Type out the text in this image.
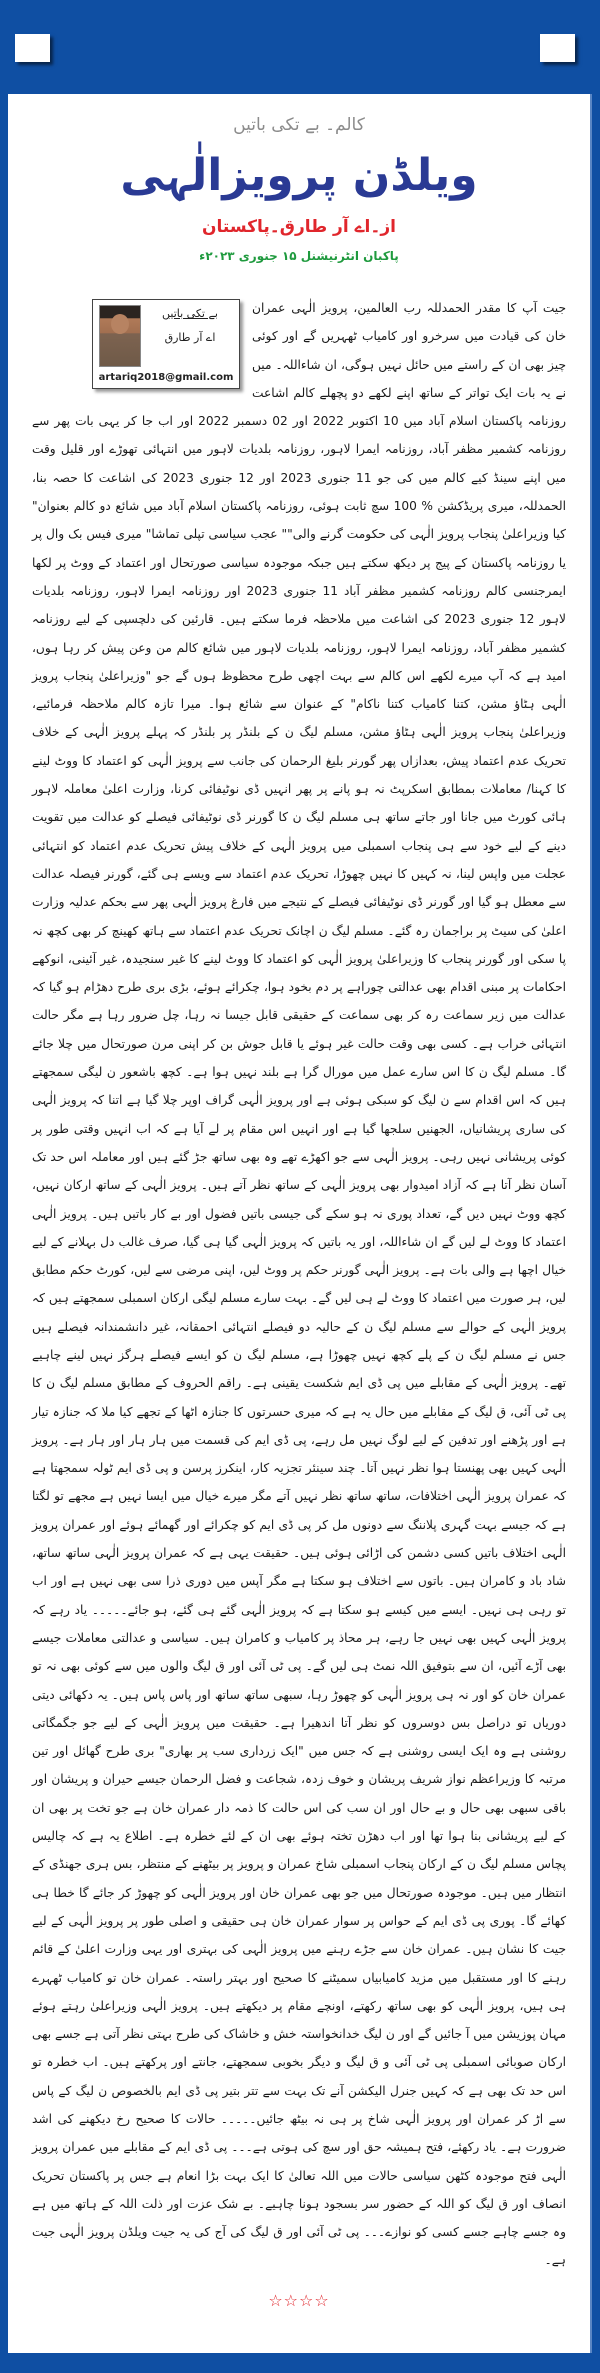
کالم۔ بے تکی باتیں
ویلڈن پرویزالٰہی
از۔اے آر طارق۔پاکستان
پاکبان انٹرنیشنل ۱۵ جنوری ۲۰۲۳ء
بے تکی باتیں
اے آر طارق
artariq2018@gmail.com

جیت آپ کا مقدر الحمدللہ رب العالمین، پرویز الٰہی عمران خان کی قیادت میں سرخرو اور کامیاب ٹھہریں گے اور کوئی چیز بھی ان کے راستے میں حائل نہیں ہوگی، ان شاءاللہ۔ میں نے یہ بات ایک تواتر کے ساتھ اپنے لکھے دو پچھلے کالم اشاعت روزنامہ پاکستان اسلام آباد میں 10 اکتوبر 2022 اور 02 دسمبر 2022 اور اب جا کر یہی بات پھر سے روزنامہ کشمیر مظفر آباد، روزنامہ ایمرا لاہور، روزنامہ بلدیات لاہور میں انتہائی تھوڑے اور قلیل وقت میں اپنے سینڈ کیے کالم میں کی جو 11 جنوری 2023 اور 12 جنوری 2023 کی اشاعت کا حصہ بنا، الحمدللہ، میری پریڈکشن % 100 سچ ثابت ہوئی، روزنامہ پاکستان اسلام آباد میں شائع دو کالم بعنوان" کیا وزیراعلیٰ پنجاب پرویز الٰہی کی حکومت گرنے والی"" عجب سیاسی تپلی تماشا" میری فیس بک وال پر یا روزنامہ پاکستان کے پیج پر دیکھ سکتے ہیں جبکہ موجودہ سیاسی صورتحال اور اعتماد کے ووٹ پر لکھا ایمرجنسی کالم روزنامہ کشمیر مظفر آباد 11 جنوری 2023 اور روزنامہ ایمرا لاہور، روزنامہ بلدیات لاہور 12 جنوری 2023 کی اشاعت میں ملاحظہ فرما سکتے ہیں۔ قارئین کی دلچسپی کے لیے روزنامہ کشمیر مظفر آباد، روزنامہ ایمرا لاہور، روزنامہ بلدیات لاہور میں شائع کالم من وعن پیش کر رہا ہوں، امید ہے کہ آپ میرے لکھے اس کالم سے بہت اچھی طرح محظوظ ہوں گے جو "وزیراعلیٰ پنجاب پرویز الٰہی ہٹاؤ مشن، کتنا کامیاب کتنا ناکام" کے عنوان سے شائع ہوا۔ میرا تازہ کالم ملاحظہ فرمائیے، وزیراعلیٰ پنجاب پرویز الٰہی ہٹاؤ مشن، مسلم لیگ ن کے بلنڈر پر بلنڈر کہ پہلے پرویز الٰہی کے خلاف تحریک عدم اعتماد پیش، بعدازاں پھر گورنر بلیغ الرحمان کی جانب سے پرویز الٰہی کو اعتماد کا ووٹ لینے کا کہنا/ معاملات بمطابق اسکرپٹ نہ ہو پانے پر پھر انہیں ڈی نوٹیفائی کرنا، وزارت اعلیٰ معاملہ لاہور ہائی کورٹ میں جانا اور جاتے ساتھ ہی مسلم لیگ ن کا گورنر ڈی نوٹیفائی فیصلے کو عدالت میں تقویت دینے کے لیے خود سے ہی پنجاب اسمبلی میں پرویز الٰہی کے خلاف پیش تحریک عدم اعتماد کو انتہائی عجلت میں واپس لینا، نہ کہیں کا نہیں چھوڑا، تحریک عدم اعتماد سے ویسے ہی گئے، گورنر فیصلہ عدالت سے معطل ہو گیا اور گورنر ڈی نوٹیفائی فیصلے کے نتیجے میں فارغ پرویز الٰہی پھر سے بحکم عدلیہ وزارت اعلیٰ کی سیٹ پر براجمان رہ گئے۔ مسلم لیگ ن اچانک تحریک عدم اعتماد سے ہاتھ کھینچ کر بھی کچھ نہ پا سکی اور گورنر پنجاب کا وزیراعلیٰ پرویز الٰہی کو اعتماد کا ووٹ لینے کا غیر سنجیدہ، غیر آئینی، انوکھے احکامات پر مبنی اقدام بھی عدالتی چوراہے پر دم بخود ہوا، چکرائے ہوئے، بڑی بری طرح دھڑام ہو گیا کہ عدالت میں زیر سماعت رہ کر بھی سماعت کے حقیقی قابل جیسا نہ رہا، چل ضرور رہا ہے مگر حالت انتہائی خراب ہے۔ کسی بھی وقت حالت غیر ہوئے یا قابل جوش بن کر اپنی مرن صورتحال میں چلا جائے گا۔ مسلم لیگ ن کا اس سارے عمل میں مورال گرا ہے بلند نہیں ہوا ہے۔ کچھ باشعور ن لیگی سمجھتے ہیں کہ اس اقدام سے ن لیگ کو سبکی ہوئی ہے اور پرویز الٰہی گراف اوپر چلا گیا ہے اتنا کہ پرویز الٰہی کی ساری پریشانیاں، الجھنیں سلجھا گیا ہے اور انہیں اس مقام پر لے آیا ہے کہ اب انہیں وقتی طور پر کوئی پریشانی نہیں رہی۔ پرویز الٰہی سے جو اکھڑے تھے وہ بھی ساتھ جڑ گئے ہیں اور معاملہ اس حد تک آسان نظر آتا ہے کہ آزاد امیدوار بھی پرویز الٰہی کے ساتھ نظر آتے ہیں۔ پرویز الٰہی کے ساتھ ارکان نہیں، کچھ ووٹ نہیں دیں گے، تعداد پوری نہ ہو سکے گی جیسی باتیں فضول اور بے کار باتیں ہیں۔ پرویز الٰہی اعتماد کا ووٹ لے لیں گے ان شاءاللہ، اور یہ باتیں کہ پرویز الٰہی گیا ہی گیا، صرف غالب دل بہلانے کے لیے خیال اچھا ہے والی بات ہے۔ پرویز الٰہی گورنر حکم پر ووٹ لیں، اپنی مرضی سے لیں، کورٹ حکم مطابق لیں، ہر صورت میں اعتماد کا ووٹ لے ہی لیں گے۔ بہت سارے مسلم لیگی ارکان اسمبلی سمجھتے ہیں کہ پرویز الٰہی کے حوالے سے مسلم لیگ ن کے حالیہ دو فیصلے انتہائی احمقانہ، غیر دانشمندانہ فیصلے ہیں جس نے مسلم لیگ ن کے پلے کچھ نہیں چھوڑا ہے، مسلم لیگ ن کو ایسے فیصلے ہرگز نہیں لینے چاہیے تھے۔ پرویز الٰہی کے مقابلے میں پی ڈی ایم شکست یقینی ہے۔ راقم الحروف کے مطابق مسلم لیگ ن کا پی ٹی آئی، ق لیگ کے مقابلے میں حال یہ ہے کہ میری حسرتوں کا جنازہ اٹھا کے تجھے کیا ملا کہ جنازہ تیار ہے اور پڑھنے اور تدفین کے لیے لوگ نہیں مل رہے، پی ڈی ایم کی قسمت میں ہار ہار اور ہار ہے۔ پرویز الٰہی کہیں بھی پھنستا ہوا نظر نہیں آتا۔ چند سینئر تجزیہ کار، اینکرز پرسن و پی ڈی ایم ٹولہ سمجھتا ہے کہ عمران پرویز الٰہی اختلافات، ساتھ ساتھ نظر نہیں آتے مگر میرے خیال میں ایسا نہیں ہے مجھے تو لگتا ہے کہ جیسے بہت گہری پلاننگ سے دونوں مل کر پی ڈی ایم کو چکرائے اور گھمائے ہوئے اور عمران پرویز الٰہی اختلاف باتیں کسی دشمن کی اڑائی ہوئی ہیں۔ حقیقت یہی ہے کہ عمران پرویز الٰہی ساتھ ساتھ، شاد باد و کامران ہیں۔ باتوں سے اختلاف ہو سکتا ہے مگر آپس میں دوری ذرا سی بھی نہیں ہے اور اب تو رہی ہی نہیں۔ ایسے میں کیسے ہو سکتا ہے کہ پرویز الٰہی گئے ہی گئے، ہو جائے۔۔۔۔۔ یاد رہے کہ پرویز الٰہی کہیں بھی نہیں جا رہے، ہر محاذ پر کامیاب و کامران ہیں۔ سیاسی و عدالتی معاملات جیسے بھی آڑے آئیں، ان سے بتوفیق اللہ نمٹ ہی لیں گے۔ پی ٹی آئی اور ق لیگ والوں میں سے کوئی بھی نہ تو عمران خان کو اور نہ ہی پرویز الٰہی کو چھوڑ رہا، سبھی ساتھ ساتھ اور پاس پاس ہیں۔ یہ دکھائی دیتی دوریاں تو دراصل بس دوسروں کو نظر آتا اندھیرا ہے۔ حقیقت میں پرویز الٰہی کے لیے جو جگمگاتی روشنی ہے وہ ایک ایسی روشنی ہے کہ جس میں "ایک زرداری سب پر بھاری" بری طرح گھائل اور تین مرتبہ کا وزیراعظم نواز شریف پریشان و خوف زدہ، شجاعت و فضل الرحمان جیسے حیران و پریشان اور باقی سبھی بھی حال و بے حال اور ان سب کی اس حالت کا ذمہ دار عمران خان ہے جو تخت پر بھی ان کے لیے پریشانی بنا ہوا تھا اور اب دھڑن تختہ ہوئے بھی ان کے لئے خطرہ ہے۔ اطلاع یہ ہے کہ چالیس پچاس مسلم لیگ ن کے ارکان پنجاب اسمبلی شاخ عمران و پرویز پر بیٹھنے کے منتظر، بس ہری جھنڈی کے انتظار میں ہیں۔ موجودہ صورتحال میں جو بھی عمران خان اور پرویز الٰہی کو چھوڑ کر جائے گا خطا ہی کھائے گا۔ پوری پی ڈی ایم کے حواس پر سوار عمران خان ہی حقیقی و اصلی طور پر پرویز الٰہی کے لیے جیت کا نشان ہیں۔ عمران خان سے جڑے رہنے میں پرویز الٰہی کی بہتری اور یہی وزارت اعلیٰ کے قائم رہنے کا اور مستقبل میں مزید کامیابیاں سمیٹنے کا صحیح اور بہتر راستہ۔ عمران خان تو کامیاب ٹھہرے ہی ہیں، پرویز الٰہی کو بھی ساتھ رکھتے، اونچے مقام پر دیکھتے ہیں۔ پرویز الٰہی وزیراعلیٰ رہتے ہوئے مہان پوزیشن میں آ جائیں گے اور ن لیگ خدانخواستہ خش و خاشاک کی طرح بہتی نظر آتی ہے جسے بھی ارکان صوبائی اسمبلی پی ٹی آئی و ق لیگ و دیگر بخوبی سمجھتے، جانتے اور پرکھتے ہیں۔ اب خطرہ تو اس حد تک بھی ہے کہ کہیں جنرل الیکشن آنے تک بہت سے تتر بتیر پی ڈی ایم بالخصوص ن لیگ کے پاس سے اڑ کر عمران اور پرویز الٰہی شاخ پر ہی نہ بیٹھ جائیں۔۔۔۔۔ حالات کا صحیح رخ دیکھنے کی اشد ضرورت ہے۔ یاد رکھئے، فتح ہمیشہ حق اور سچ کی ہوتی ہے۔۔۔ پی ڈی ایم کے مقابلے میں عمران پرویز الٰہی فتح موجودہ کٹھن سیاسی حالات میں اللہ تعالیٰ کا ایک بہت بڑا انعام ہے جس پر پاکستان تحریک انصاف اور ق لیگ کو اللہ کے حضور سر بسجود ہونا چاہیے۔ بے شک عزت اور ذلت اللہ کے ہاتھ میں ہے وہ جسے چاہے جسے کسی کو نوازے۔۔۔ پی ٹی آئی اور ق لیگ کی آج کی یہ جیت ویلڈن پرویز الٰہی جیت ہے۔

☆☆☆☆
